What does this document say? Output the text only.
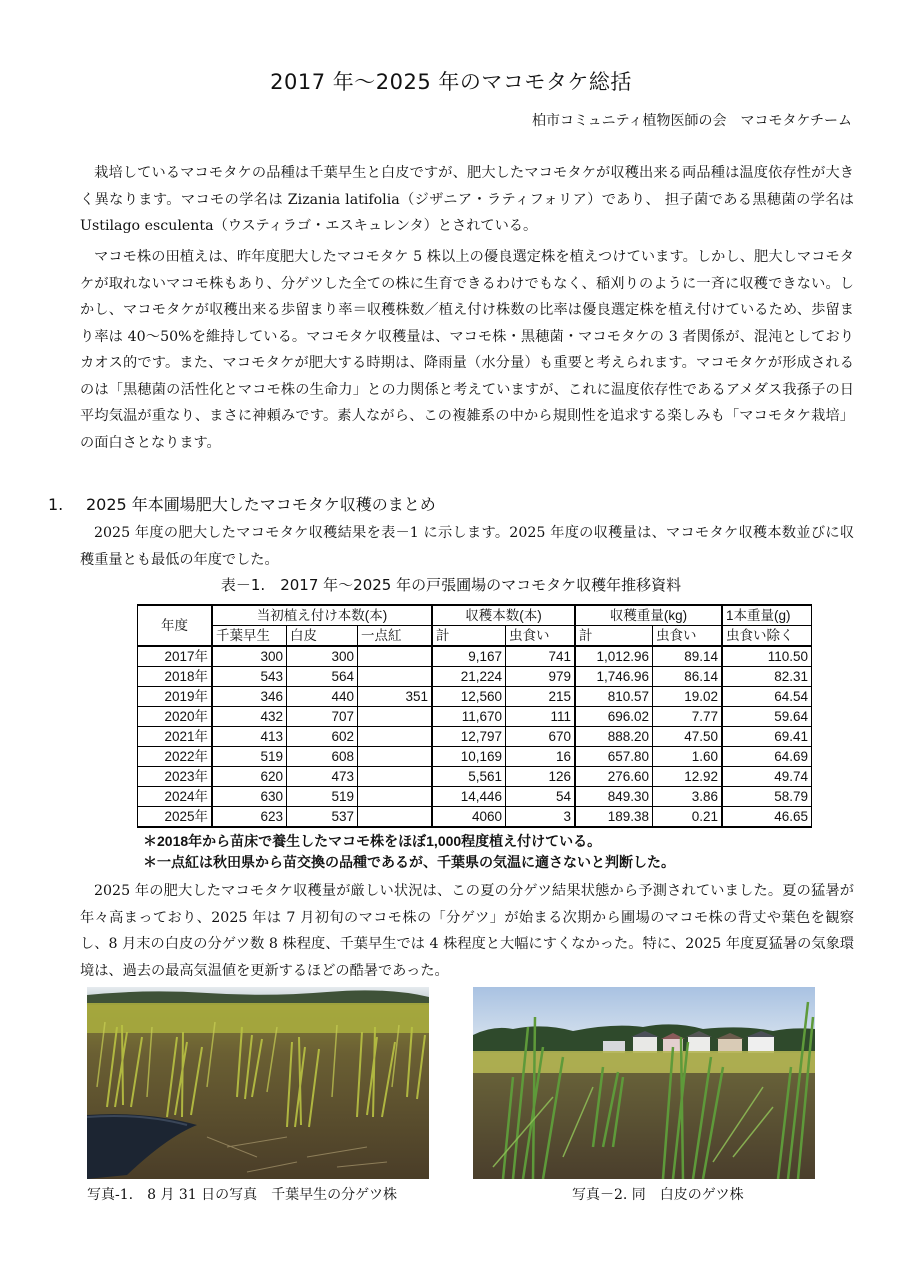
2017 年～2025 年のマコモタケ総括
柏市コミュニティ植物医師の会　マコモタケチーム
栽培しているマコモタケの品種は千葉早生と白皮ですが、肥大したマコモタケが収穫出来る両品種は温度依存性が大きく異なります。マコモの学名は Zizania latifolia（ジザニア・ラティフォリア）であり、 担子菌である黒穂菌の学名は Ustilago esculenta（ウスティラゴ・エスキュレンタ）とされている。
マコモ株の田植えは、昨年度肥大したマコモタケ 5 株以上の優良選定株を植えつけています。しかし、肥大しマコモタケが取れないマコモ株もあり、分ゲツした全ての株に生育できるわけでもなく、稲刈りのように一斉に収穫できない。しかし、マコモタケが収穫出来る歩留まり率＝収穫株数／植え付け株数の比率は優良選定株を植え付けているため、歩留まり率は 40～50%を維持している。マコモタケ収穫量は、マコモ株・黒穂菌・マコモタケの 3 者関係が、混沌としておりカオス的です。また、マコモタケが肥大する時期は、降雨量（水分量）も重要と考えられます。マコモタケが形成されるのは「黒穂菌の活性化とマコモ株の生命力」との力関係と考えていますが、これに温度依存性であるアメダス我孫子の日平均気温が重なり、まさに神頼みです。素人ながら、この複雑系の中から規則性を追求する楽しみも「マコモタケ栽培」の面白さとなります。
1. 2025 年本圃場肥大したマコモタケ収穫のまとめ
2025 年度の肥大したマコモタケ収穫結果を表－1 に示します。2025 年度の収穫量は、マコモタケ収穫本数並びに収穫重量とも最低の年度でした。
表－1.　2017 年～2025 年の戸張圃場のマコモタケ収穫年推移資料
年度	当初植え付け本数(本)			収穫本数(本)		収穫重量(kg)		1本重量(g)
	千葉早生	白皮	一点紅	計	虫食い	計	虫食い	虫食い除く
2017年	300	300		9,167	741	1,012.96	89.14	110.50
2018年	543	564		21,224	979	1,746.96	86.14	82.31
2019年	346	440	351	12,560	215	810.57	19.02	64.54
2020年	432	707		11,670	111	696.02	7.77	59.64
2021年	413	602		12,797	670	888.20	47.50	69.41
2022年	519	608		10,169	16	657.80	1.60	64.69
2023年	620	473		5,561	126	276.60	12.92	49.74
2024年	630	519		14,446	54	849.30	3.86	58.79
2025年	623	537		4060	3	189.38	0.21	46.65
＊2018年から苗床で養生したマコモ株をほぼ1,000程度植え付けている。
＊一点紅は秋田県から苗交換の品種であるが、千葉県の気温に適さないと判断した。
2025 年の肥大したマコモタケ収穫量が厳しい状況は、この夏の分ゲツ結果状態から予測されていました。夏の猛暑が年々高まっており、2025 年は 7 月初旬のマコモ株の「分ゲツ」が始まる次期から圃場のマコモ株の背丈や葉色を観察し、8 月末の白皮の分ゲツ数 8 株程度、千葉早生では 4 株程度と大幅にすくなかった。特に、2025 年度夏猛暑の気象環境は、過去の最高気温値を更新するほどの酷暑であった。
写真-1.　8 月 31 日の写真　千葉早生の分ゲツ株	写真－2. 同　白皮のゲツ株
